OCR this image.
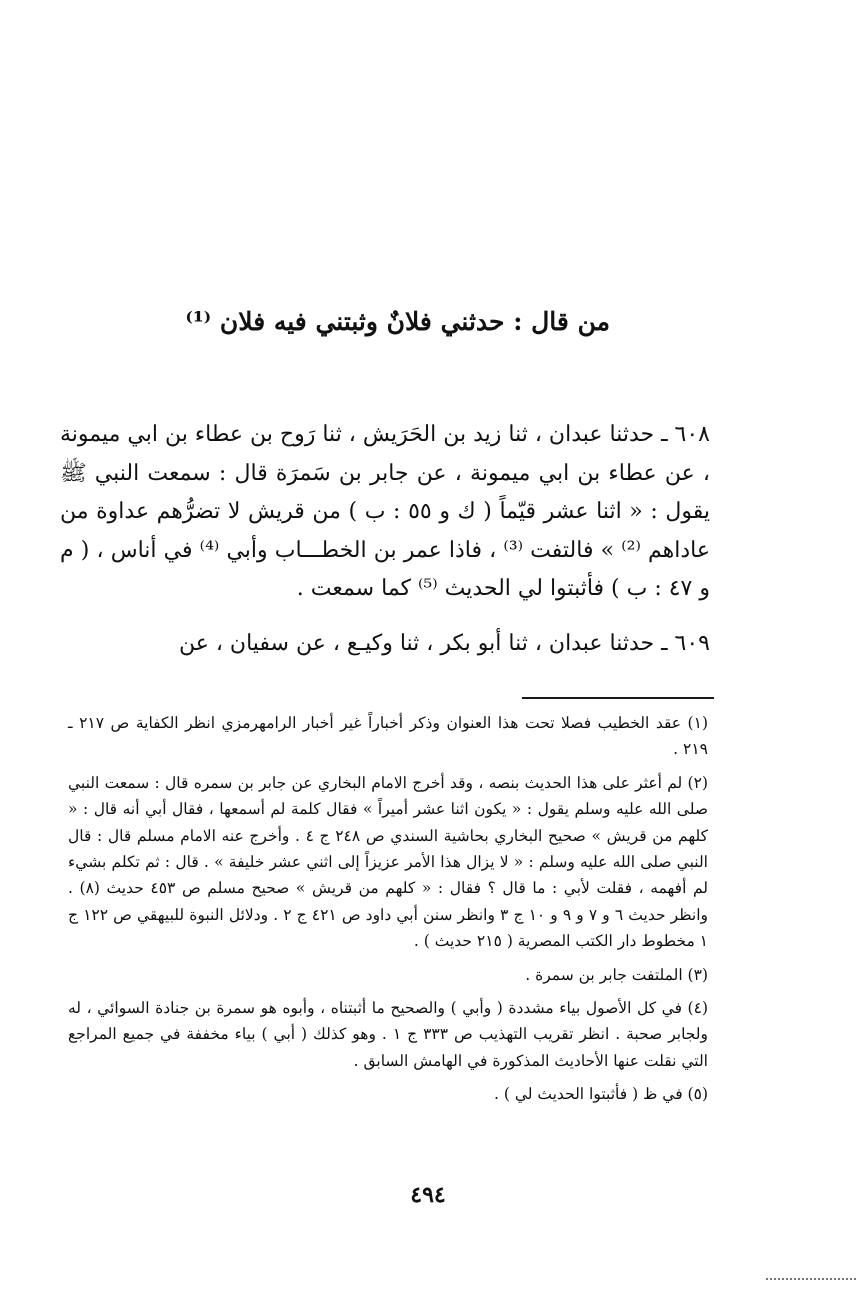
من قال : حدثني فلانٌ وثبتني فيه فلان ⁽¹⁾

٦٠٨ ـ حدثنا عبدان ، ثنا زيد بن الحَرَيش ، ثنا رَوح بن عطاء بن ابي ميمونة ، عن عطاء بن ابي ميمونة ، عن جابر بن سَمرَة قال : سمعت النبي ﷺ يقول : « اثنا عشر قيّماً ( ك و ٥٥ : ب ) من قريش لا تضرُّهم عداوة من عاداهم ⁽²⁾ » فالتفت ⁽³⁾ ، فاذا عمر بن الخطـــاب وأبي ⁽⁴⁾ في أناس ، ( م و ٤٧ : ب ) فأثبتوا لي الحديث ⁽⁵⁾ كما سمعت .

٦٠٩ ـ حدثنا عبدان ، ثنا أبو بكر ، ثنا وكيـع ، عن سفيان ، عن

(١) عقد الخطيب فصلا تحت هذا العنوان وذكر أخباراً غير أخبار الرامهرمزي انظر الكفاية ص ٢١٧ ـ ٢١٩ .

(٢) لم أعثر على هذا الحديث بنصه ، وقد أخرج الامام البخاري عن جابر بن سمره قال : سمعت النبي صلى الله عليه وسلم يقول : « يكون اثنا عشر أميراً » فقال كلمة لم أسمعها ، فقال أبي أنه قال : « كلهم من قريش » صحيح البخاري بحاشية السندي ص ٢٤٨ ج ٤ . وأخرج عنه الامام مسلم قال : قال النبي صلى الله عليه وسلم : « لا يزال هذا الأمر عزيزاً إلى اثني عشر خليفة » . قال : ثم تكلم بشيء لم أفهمه ، فقلت لأبي : ما قال ؟ فقال : « كلهم من قريش » صحيح مسلم ص ٤٥٣ حديث (٨) . وانظر حديث ٦ و ٧ و ٩ و ١٠ ج ٣ وانظر سنن أبي داود ص ٤٢١ ج ٢ . ودلائل النبوة للبيهقي ص ١٢٢ ج ١ مخطوط دار الكتب المصرية ( ٢١٥ حديث ) .

(٣) الملتفت جابر بن سمرة .

(٤) في كل الأصول بياء مشددة ( وأبي ) والصحيح ما أثبتناه ، وأبوه هو سمرة بن جنادة السوائي ، له ولجابر صحبة . انظر تقريب التهذيب ص ٣٣٣ ج ١ . وهو كذلك ( أبي ) بياء مخففة في جميع المراجع التي نقلت عنها الأحاديث المذكورة في الهامش السابق .

(٥) في ظ ( فأثبتوا الحديث لي ) .

٤٩٤
